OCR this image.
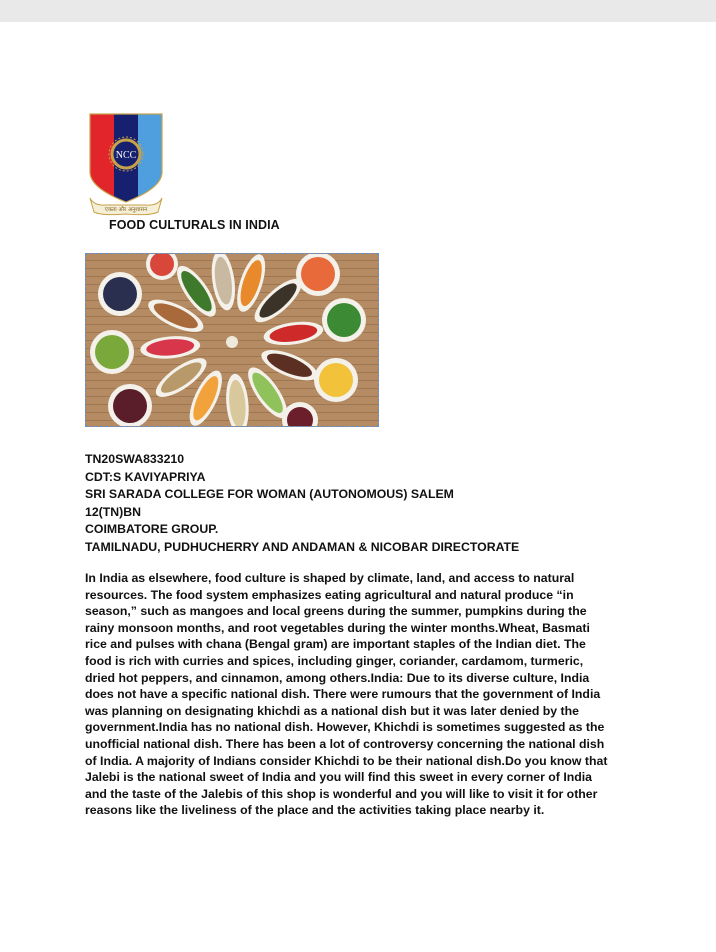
NCC
एकता और अनुशासन
FOOD CULTURALS IN INDIA
TN20SWA833210
CDT:S KAVIYAPRIYA
SRI SARADA COLLEGE FOR WOMAN (AUTONOMOUS) SALEM
12(TN)BN
COIMBATORE GROUP.
TAMILNADU, PUDHUCHERRY AND ANDAMAN & NICOBAR DIRECTORATE
In India as elsewhere, food culture is shaped by climate, land, and access to natural
resources. The food system emphasizes eating agricultural and natural produce “in
season,” such as mangoes and local greens during the summer, pumpkins during the
rainy monsoon months, and root vegetables during the winter months.Wheat, Basmati
rice and pulses with chana (Bengal gram) are important staples of the Indian diet. The
food is rich with curries and spices, including ginger, coriander, cardamom, turmeric,
dried hot peppers, and cinnamon, among others.India: Due to its diverse culture, India
does not have a specific national dish. There were rumours that the government of India
was planning on designating khichdi as a national dish but it was later denied by the
government.India has no national dish. However, Khichdi is sometimes suggested as the
unofficial national dish. There has been a lot of controversy concerning the national dish
of India. A majority of Indians consider Khichdi to be their national dish.Do you know that
Jalebi is the national sweet of India and you will find this sweet in every corner of India
and the taste of the Jalebis of this shop is wonderful and you will like to visit it for other
reasons like the liveliness of the place and the activities taking place nearby it.
